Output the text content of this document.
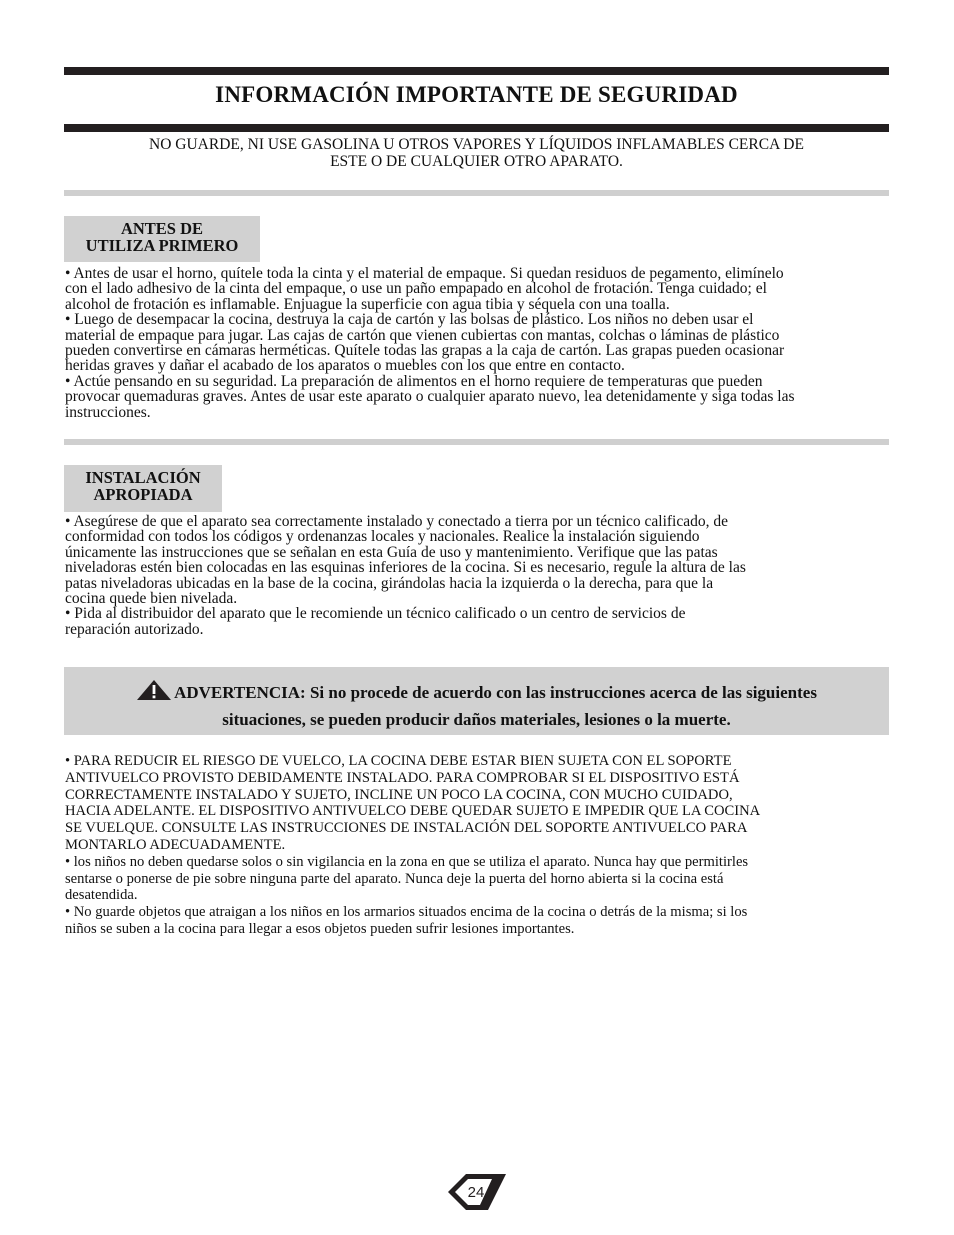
INFORMACIÓN IMPORTANTE DE SEGURIDAD
NO GUARDE, NI USE GASOLINA U OTROS VAPORES Y LÍQUIDOS INFLAMABLES CERCA DE
ESTE O DE CUALQUIER OTRO APARATO.
ANTES DE
UTILIZA PRIMERO
• Antes de usar el horno, quítele toda la cinta y el material de empaque. Si quedan residuos de pegamento, elimínelo
con el lado adhesivo de la cinta del empaque, o use un paño empapado en alcohol de frotación. Tenga cuidado; el
alcohol de frotación es inflamable. Enjuague la superficie con agua tibia y séquela con una toalla.
• Luego de desempacar la cocina, destruya la caja de cartón y las bolsas de plástico. Los niños no deben usar el
material de empaque para jugar. Las cajas de cartón que vienen cubiertas con mantas, colchas o láminas de plástico
pueden convertirse en cámaras herméticas. Quítele todas las grapas a la caja de cartón. Las grapas pueden ocasionar
heridas graves y dañar el acabado de los aparatos o muebles con los que entre en contacto.
• Actúe pensando en su seguridad. La preparación de alimentos en el horno requiere de temperaturas que pueden
provocar quemaduras graves. Antes de usar este aparato o cualquier aparato nuevo, lea detenidamente y siga todas las
instrucciones.
INSTALACIÓN
APROPIADA
• Asegúrese de que el aparato sea correctamente instalado y conectado a tierra por un técnico calificado, de
conformidad con todos los códigos y ordenanzas locales y nacionales. Realice la instalación siguiendo
únicamente las instrucciones que se señalan en esta Guía de uso y mantenimiento. Verifique que las patas
niveladoras estén bien colocadas en las esquinas inferiores de la cocina. Si es necesario, regule la altura de las
patas niveladoras ubicadas en la base de la cocina, girándolas hacia la izquierda o la derecha, para que la
cocina quede bien nivelada.
• Pida al distribuidor del aparato que le recomiende un técnico calificado o un centro de servicios de
reparación autorizado.
ADVERTENCIA: Si no procede de acuerdo con las instrucciones acerca de las siguientes
situaciones, se pueden producir daños materiales, lesiones o la muerte.
• PARA REDUCIR EL RIESGO DE VUELCO, LA COCINA DEBE ESTAR BIEN SUJETA CON EL SOPORTE
ANTIVUELCO PROVISTO DEBIDAMENTE INSTALADO. PARA COMPROBAR SI EL DISPOSITIVO ESTÁ
CORRECTAMENTE INSTALADO Y SUJETO, INCLINE UN POCO LA COCINA, CON MUCHO CUIDADO,
HACIA ADELANTE. EL DISPOSITIVO ANTIVUELCO DEBE QUEDAR SUJETO E IMPEDIR QUE LA COCINA
SE VUELQUE. CONSULTE LAS INSTRUCCIONES DE INSTALACIÓN DEL SOPORTE ANTIVUELCO PARA
MONTARLO ADECUADAMENTE.
• los niños no deben quedarse solos o sin vigilancia en la zona en que se utiliza el aparato. Nunca hay que permitirles
sentarse o ponerse de pie sobre ninguna parte del aparato. Nunca deje la puerta del horno abierta si la cocina está
desatendida.
• No guarde objetos que atraigan a los niños en los armarios situados encima de la cocina o detrás de la misma; si los
niños se suben a la cocina para llegar a esos objetos pueden sufrir lesiones importantes.
24
